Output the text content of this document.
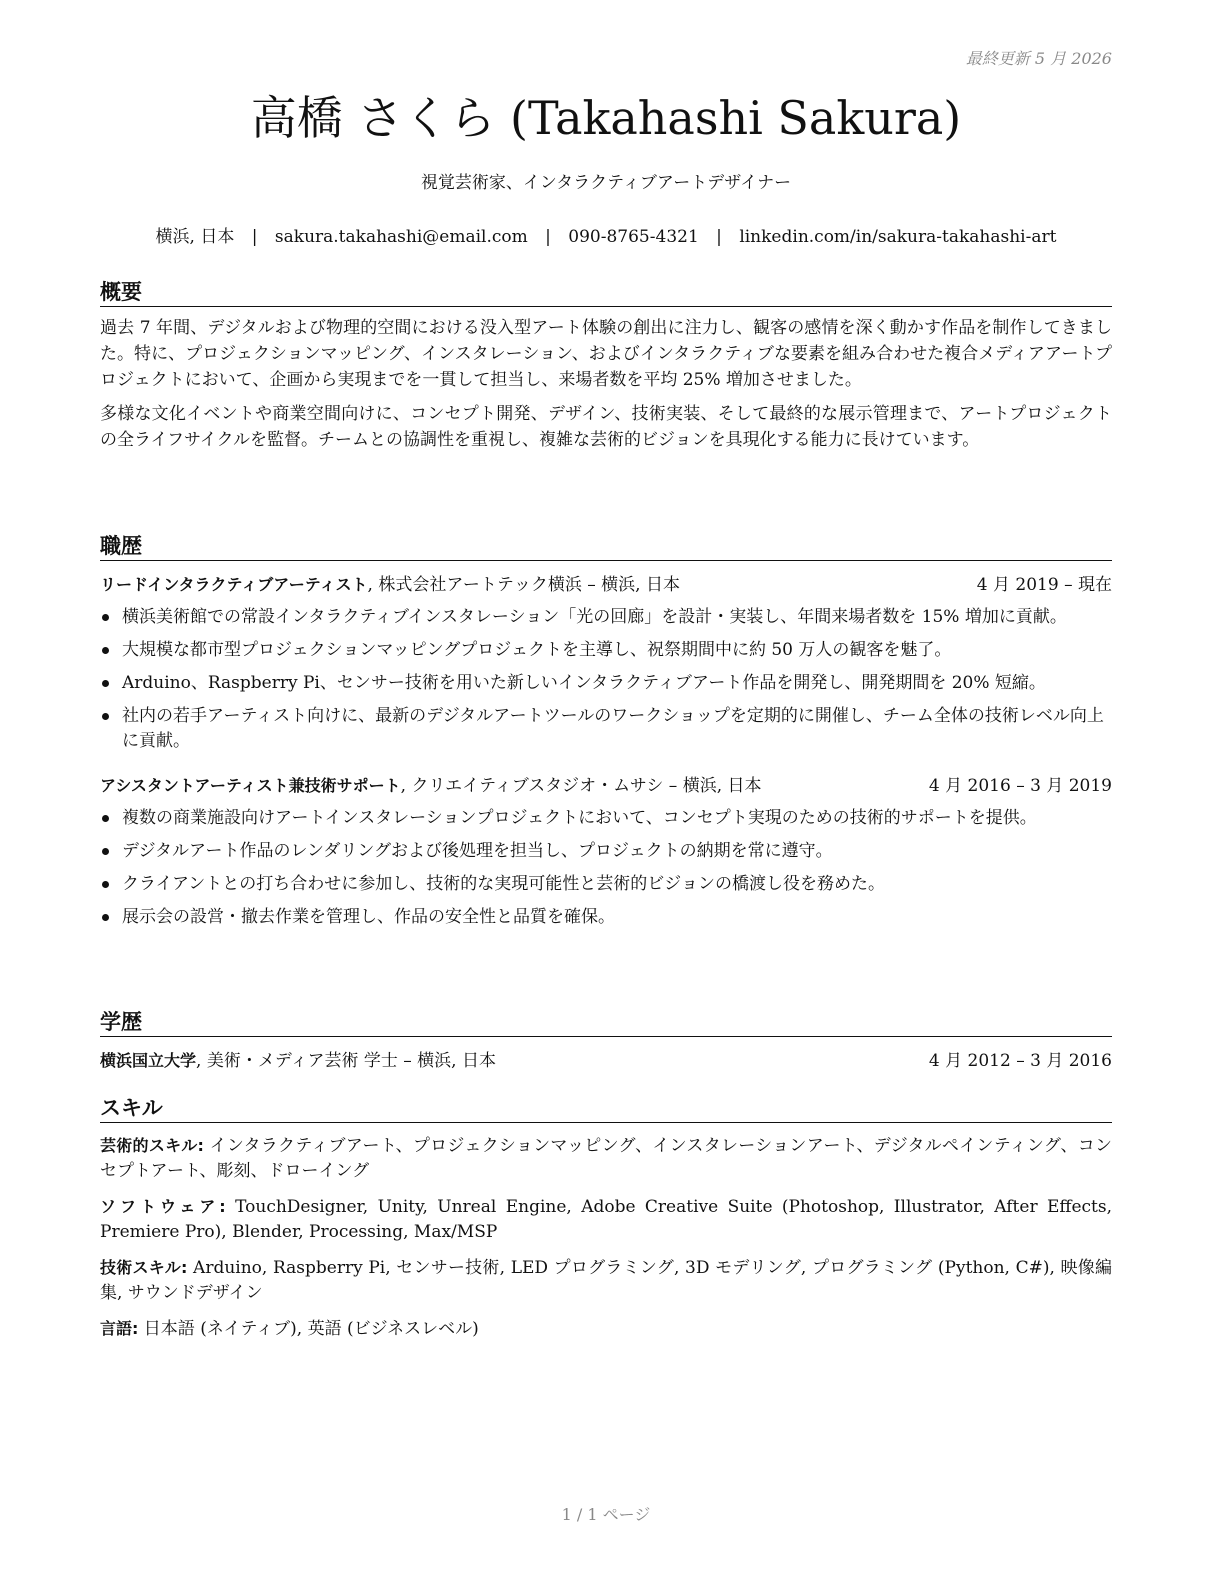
最終更新 5 月 2026
高橋 さくら (Takahashi Sakura)
視覚芸術家、インタラクティブアートデザイナー
横浜, 日本 | sakura.takahashi@email.com | 090-8765-4321 | linkedin.com/in/sakura-takahashi-art
概要

過去 7 年間、デジタルおよび物理的空間における没入型アート体験の創出に注力し、観客の感情を深く動かす作品を制作してきました。特に、プロジェクションマッピング、インスタレーション、およびインタラクティブな要素を組み合わせた複合メディアアートプロジェクトにおいて、企画から実現までを一貫して担当し、来場者数を平均 25% 増加させました。

多様な文化イベントや商業空間向けに、コンセプト開発、デザイン、技術実装、そして最終的な展示管理まで、アートプロジェクトの全ライフサイクルを監督。チームとの協調性を重視し、複雑な芸術的ビジョンを具現化する能力に長けています。

職歴
リードインタラクティブアーティスト, 株式会社アートテック横浜 – 横浜, 日本	4 月 2019 – 現在
横浜美術館での常設インタラクティブインスタレーション「光の回廊」を設計・実装し、年間来場者数を 15% 増加に貢献。
大規模な都市型プロジェクションマッピングプロジェクトを主導し、祝祭期間中に約 50 万人の観客を魅了。
Arduino、Raspberry Pi、センサー技術を用いた新しいインタラクティブアート作品を開発し、開発期間を 20% 短縮。
社内の若手アーティスト向けに、最新のデジタルアートツールのワークショップを定期的に開催し、チーム全体の技術レベル向上に貢献。
アシスタントアーティスト兼技術サポート, クリエイティブスタジオ・ムサシ – 横浜, 日本	4 月 2016 – 3 月 2019
複数の商業施設向けアートインスタレーションプロジェクトにおいて、コンセプト実現のための技術的サポートを提供。
デジタルアート作品のレンダリングおよび後処理を担当し、プロジェクトの納期を常に遵守。
クライアントとの打ち合わせに参加し、技術的な実現可能性と芸術的ビジョンの橋渡し役を務めた。
展示会の設営・撤去作業を管理し、作品の安全性と品質を確保。
学歴
横浜国立大学, 美術・メディア芸術 学士 – 横浜, 日本	4 月 2012 – 3 月 2016
スキル
芸術的スキル: インタラクティブアート、プロジェクションマッピング、インスタレーションアート、デジタルペインティング、コンセプトアート、彫刻、ドローイング
ソフトウェア: TouchDesigner, Unity, Unreal Engine, Adobe Creative Suite (Photoshop, Illustrator, After Effects, Premiere Pro), Blender, Processing, Max/MSP
技術スキル: Arduino, Raspberry Pi, センサー技術, LED プログラミング, 3D モデリング, プログラミング (Python, C#), 映像編集, サウンドデザイン
言語: 日本語 (ネイティブ), 英語 (ビジネスレベル)
1 / 1 ページ
